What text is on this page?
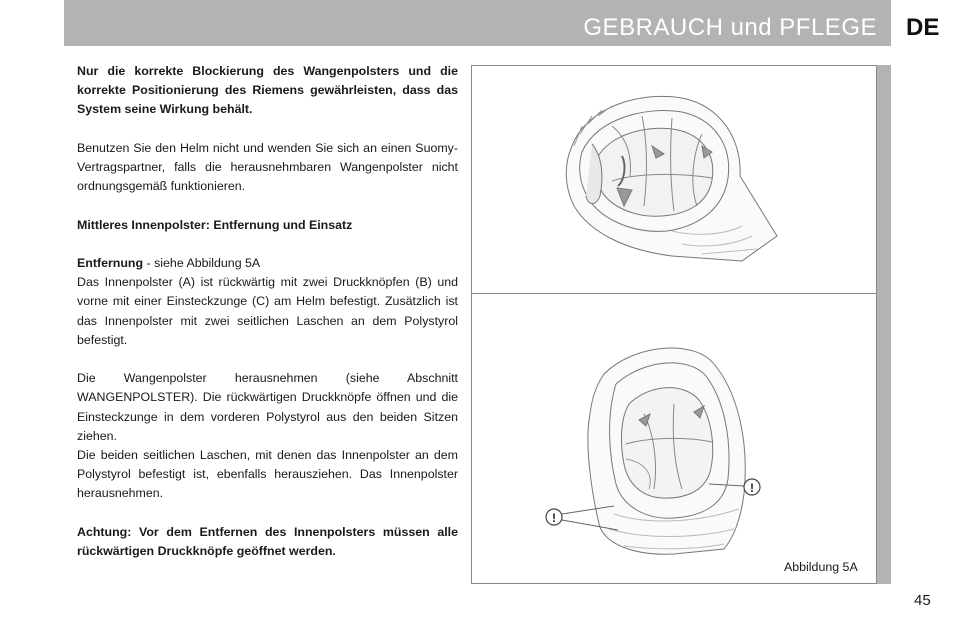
GEBRAUCH und PFLEGE DE

Nur die korrekte Blockierung des Wangenpolsters und die korrekte Positionierung des Riemens gewährleisten, dass das System seine Wirkung behält.

Benutzen Sie den Helm nicht und wenden Sie sich an einen Suomy-Vertragspartner, falls die herausnehmbaren Wangenpolster nicht ordnungsgemäß funktionieren.

Mittleres Innenpolster: Entfernung und Einsatz

Entfernung - siehe Abbildung 5A

Das Innenpolster (A) ist rückwärtig mit zwei Druckknöpfen (B) und vorne mit einer Einsteckzunge (C) am Helm befestigt. Zusätzlich ist das Innenpolster mit zwei seitlichen Laschen an dem Polystyrol befestigt.

Die Wangenpolster herausnehmen (siehe Abschnitt WANGENPOLSTER). Die rückwärtigen Druckknöpfe öffnen und die Einsteckzunge in dem vorderen Polystyrol aus den beiden Sitzen ziehen.

Die beiden seitlichen Laschen, mit denen das Innenpolster an dem Polystyrol befestigt ist, ebenfalls herausziehen. Das Innenpolster herausnehmen.

Achtung: Vor dem Entfernen des Innenpolsters müssen alle rückwärtigen Druckknöpfe geöffnet werden.

!
!
Abbildung 5A
45
